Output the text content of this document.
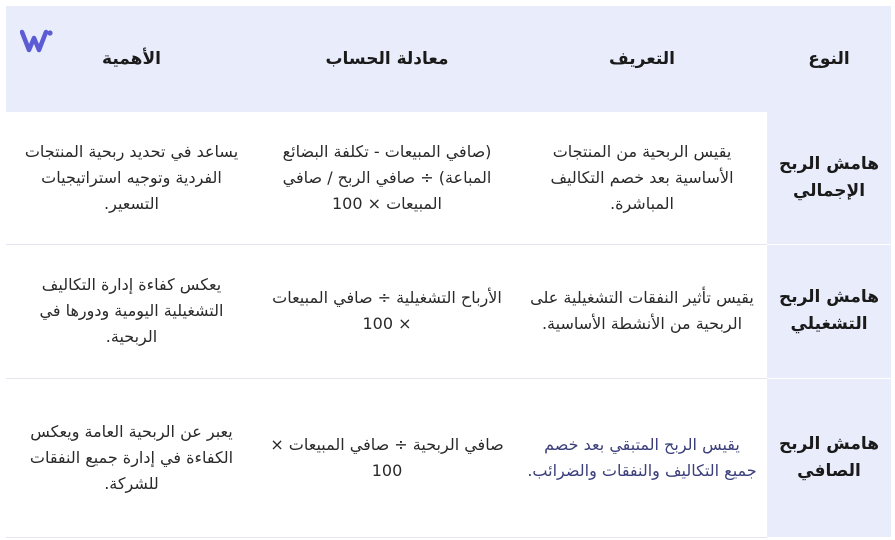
النوع	التعريف	معادلة الحساب	الأهمية
هامش الربح الإجمالي	يقيس الربحية من المنتجات الأساسية بعد خصم التكاليف المباشرة.	(صافي المبيعات - تكلفة البضائع المباعة) ÷ صافي الربح / صافي المبيعات × 100	يساعد في تحديد ربحية المنتجات الفردية وتوجيه استراتيجيات التسعير.
هامش الربح التشغيلي	يقيس تأثير النفقات التشغيلية على الربحية من الأنشطة الأساسية.	الأرباح التشغيلية ÷ صافي المبيعات × 100	يعكس كفاءة إدارة التكاليف التشغيلية اليومية ودورها في الربحية.
هامش الربح الصافي	يقيس الربح المتبقي بعد خصم جميع التكاليف والنفقات والضرائب.	صافي الربحية ÷ صافي المبيعات × 100	يعبر عن الربحية العامة ويعكس الكفاءة في إدارة جميع النفقات للشركة.
